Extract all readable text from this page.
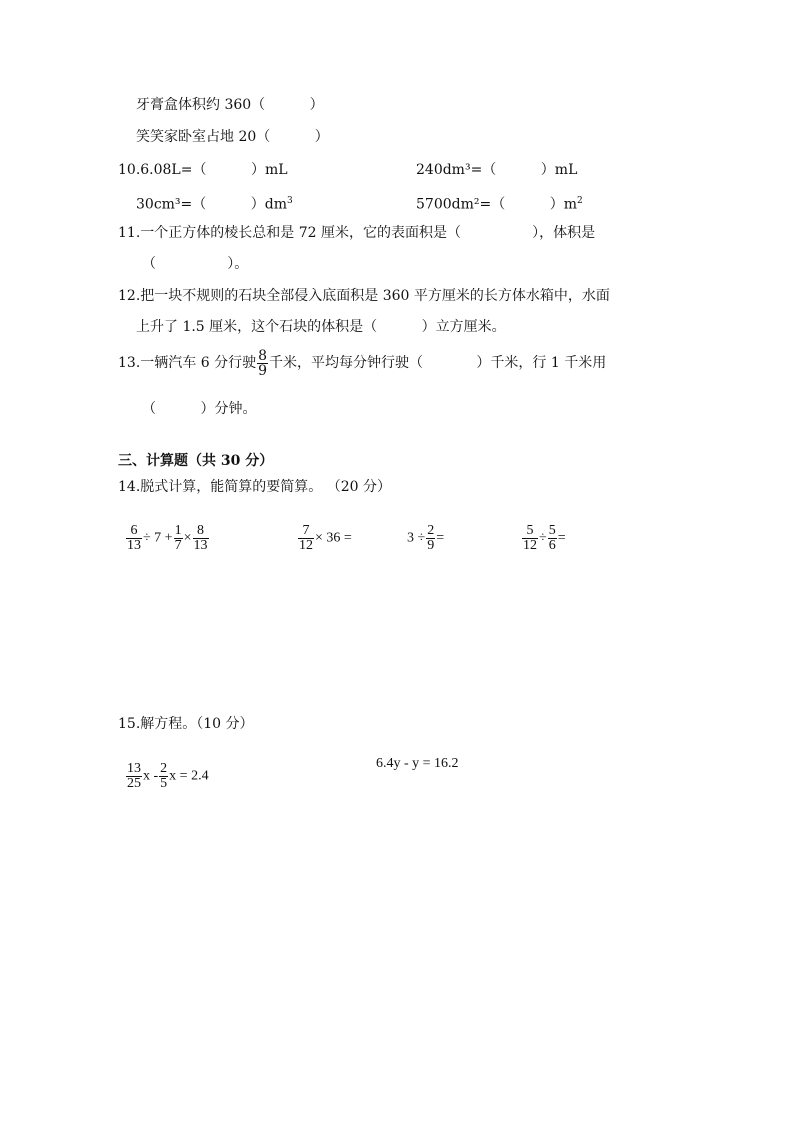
牙膏盒体积约 360（          ）
笑笑家卧室占地 20（          ）
10.6.08L=（          ）mL	240dm³=（          ）mL
30cm³=（          ）$dm^3$	5700dm²=（          ）$m^2$
11.一个正方体的棱长总和是 72 厘米，它的表面积是（                ），体积是
（                ）。
12.把一块不规则的石块全部侵入底面积是 360 平方厘米的长方体水箱中，水面
上升了 1.5 厘米，这个石块的体积是（          ）立方厘米。
13.一辆汽车 6 分行驶 $\frac{8}{9}$ 千米，平均每分钟行驶（            ）千米，行 1 千米用
（          ）分钟。
三、计算题（共 30 分）
14.脱式计算，能简算的要简算。 （20 分）

$\frac{6}{13} \div 7 + \frac{1}{7} \times \frac{8}{13}$

	$\frac{7}{12} \times 36$ =	$3 \div \frac{2}{9}$ =

	$\frac{5}{12} \div \frac{5}{6}$ =

15.解方程。（10 分）

$\frac{13}{25}$ x - $\frac{2}{5}$ x = 2.4

6.4y - y = 16.2
